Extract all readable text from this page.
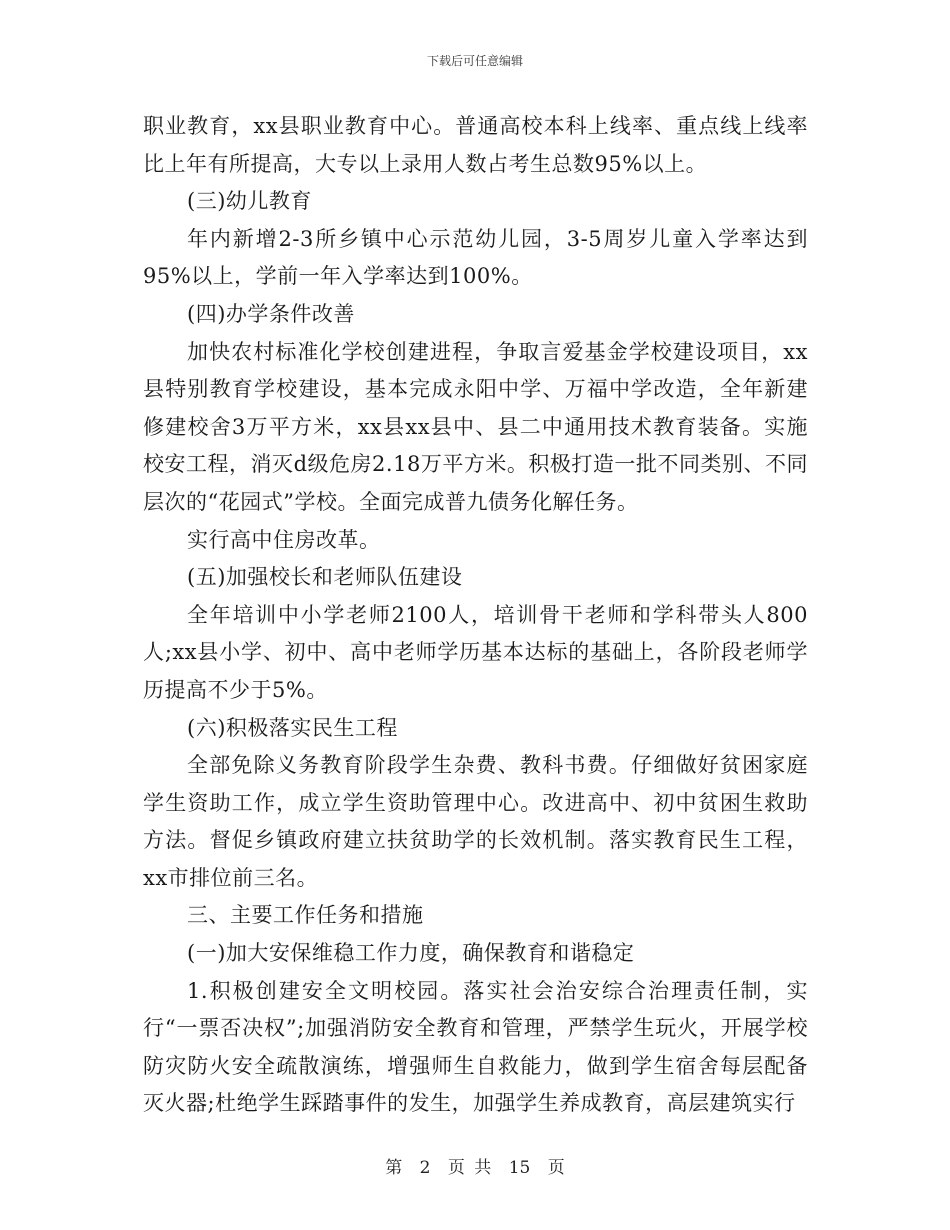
下载后可任意编辑

职业教育，xx县职业教育中心。普通高校本科上线率、重点线上线率比上年有所提高，大专以上录用人数占考生总数95%以上。

(三)幼儿教育

年内新增2-3所乡镇中心示范幼儿园，3-5周岁儿童入学率达到95%以上，学前一年入学率达到100%。

(四)办学条件改善

加快农村标准化学校创建进程，争取言爱基金学校建设项目，xx县特别教育学校建设，基本完成永阳中学、万福中学改造，全年新建修建校舍3万平方米，xx县xx县中、县二中通用技术教育装备。实施校安工程，消灭d级危房2.18万平方米。积极打造一批不同类别、不同层次的“花园式”学校。全面完成普九债务化解任务。

实行高中住房改革。

(五)加强校长和老师队伍建设

全年培训中小学老师2100人，培训骨干老师和学科带头人800人;xx县小学、初中、高中老师学历基本达标的基础上，各阶段老师学历提高不少于5%。

(六)积极落实民生工程

全部免除义务教育阶段学生杂费、教科书费。仔细做好贫困家庭学生资助工作，成立学生资助管理中心。改进高中、初中贫困生救助方法。督促乡镇政府建立扶贫助学的长效机制。落实教育民生工程，xx市排位前三名。

三、主要工作任务和措施

(一)加大安保维稳工作力度，确保教育和谐稳定

1.积极创建安全文明校园。落实社会治安综合治理责任制，实行“一票否决权”;加强消防安全教育和管理，严禁学生玩火，开展学校防灾防火安全疏散演练，增强师生自救能力，做到学生宿舍每层配备灭火器;杜绝学生踩踏事件的发生，加强学生养成教育，高层建筑实行

第 2 页 共 15 页
